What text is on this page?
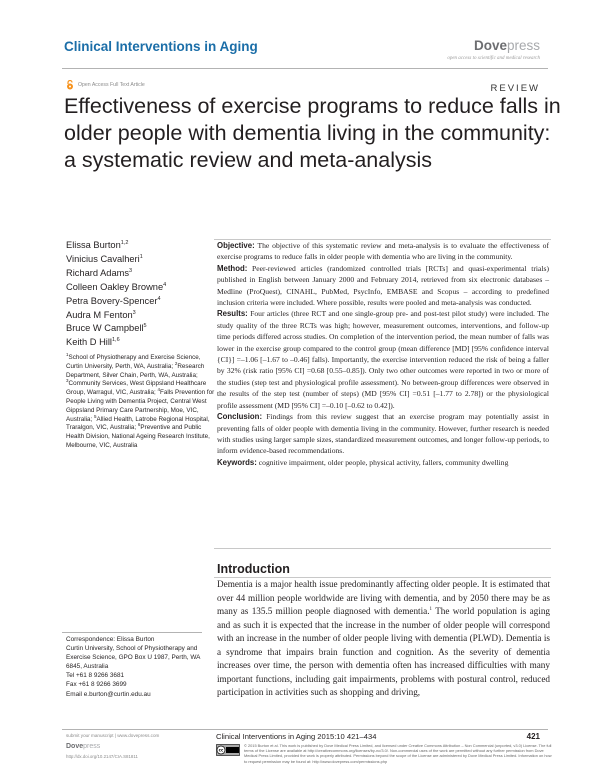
Clinical Interventions in Aging	Dovepress
open access to scientific and medical research
Open Access Full Text Article	REVIEW
Effectiveness of exercise programs to reduce falls in older people with dementia living in the community: a systematic review and meta-analysis
Elissa Burton$^{1,2}$
Vinicius Cavalheri$^1$
Richard Adams$^3$
Colleen Oakley Browne$^4$
Petra Bovery-Spencer$^4$
Audra M Fenton$^3$
Bruce W Campbell$^5$
Keith D Hill$^{1,6}$
$^1$School of Physiotherapy and Exercise Science, Curtin University, Perth, WA, Australia; $^2$Research Department, Silver Chain, Perth, WA, Australia; $^3$Community Services, West Gippsland Healthcare Group, Warragul, VIC, Australia; $^4$Falls Prevention for People Living with Dementia Project, Central West Gippsland Primary Care Partnership, Moe, VIC, Australia; $^5$Allied Health, Latrobe Regional Hospital, Traralgon, VIC, Australia; $^6$Preventive and Public Health Division, National Ageing Research Institute, Melbourne, VIC, Australia

Objective: The objective of this systematic review and meta-analysis is to evaluate the effectiveness of exercise programs to reduce falls in older people with dementia who are living in the community.

Method: Peer-reviewed articles (randomized controlled trials [RCTs] and quasi-experimental trials) published in English between January 2000 and February 2014, retrieved from six electronic databases – Medline (ProQuest), CINAHL, PubMed, PsycInfo, EMBASE and Scopus – according to predefined inclusion criteria were included. Where possible, results were pooled and meta-analysis was conducted.

Results: Four articles (three RCT and one single-group pre- and post-test pilot study) were included. The study quality of the three RCTs was high; however, measurement outcomes, interventions, and follow-up time periods differed across studies. On completion of the intervention period, the mean number of falls was lower in the exercise group compared to the control group (mean difference [MD] [95% confidence interval {CI}] =–1.06 [–1.67 to –0.46] falls). Importantly, the exercise intervention reduced the risk of being a faller by 32% (risk ratio [95% CI] =0.68 [0.55–0.85]). Only two other outcomes were reported in two or more of the studies (step test and physiological profile assessment). No between-group differences were observed in the results of the step test (number of steps) (MD [95% CI] =0.51 [–1.77 to 2.78]) or the physiological profile assessment (MD [95% CI] =–0.10 [–0.62 to 0.42]).

Conclusion: Findings from this review suggest that an exercise program may potentially assist in preventing falls of older people with dementia living in the community. However, further research is needed with studies using larger sample sizes, standardized measurement outcomes, and longer follow-up periods, to inform evidence-based recommendations.

Keywords: cognitive impairment, older people, physical activity, fallers, community dwelling

Introduction
Dementia is a major health issue predominantly affecting older people. It is estimated that over 44 million people worldwide are living with dementia, and by 2050 there may be as many as 135.5 million people diagnosed with dementia.$^1$ The world population is aging and as such it is expected that the increase in the number of older people will correspond with an increase in the number of older people living with dementia (PLWD). Dementia is a syndrome that impairs brain function and cognition. As the severity of dementia increases over time, the person with dementia often has increased difficulties with many important functions, including gait impairments, problems with postural control, reduced participation in activities such as shopping and driving,
Correspondence: Elissa Burton
Curtin University, School of Physiotherapy and Exercise Science, GPO Box U 1987, Perth, WA 6845, Australia
Tel +61 8 9266 3681
Fax +61 8 9266 3699
Email e.burton@curtin.edu.au
submit your manuscript | www.dovepress.com
Dovepress
http://dx.doi.org/10.2147/CIA.S81811
Clinical Interventions in Aging 2015:10 421–434	421
cc
© 2015 Burton et al. This work is published by Dove Medical Press Limited, and licensed under Creative Commons Attribution – Non Commercial (unported, v3.0) License. The full terms of the License are available at http://creativecommons.org/licenses/by-nc/3.0/. Non-commercial uses of the work are permitted without any further permission from Dove Medical Press Limited, provided the work is properly attributed. Permissions beyond the scope of the License are administered by Dove Medical Press Limited. Information on how to request permission may be found at: http://www.dovepress.com/permissions.php
